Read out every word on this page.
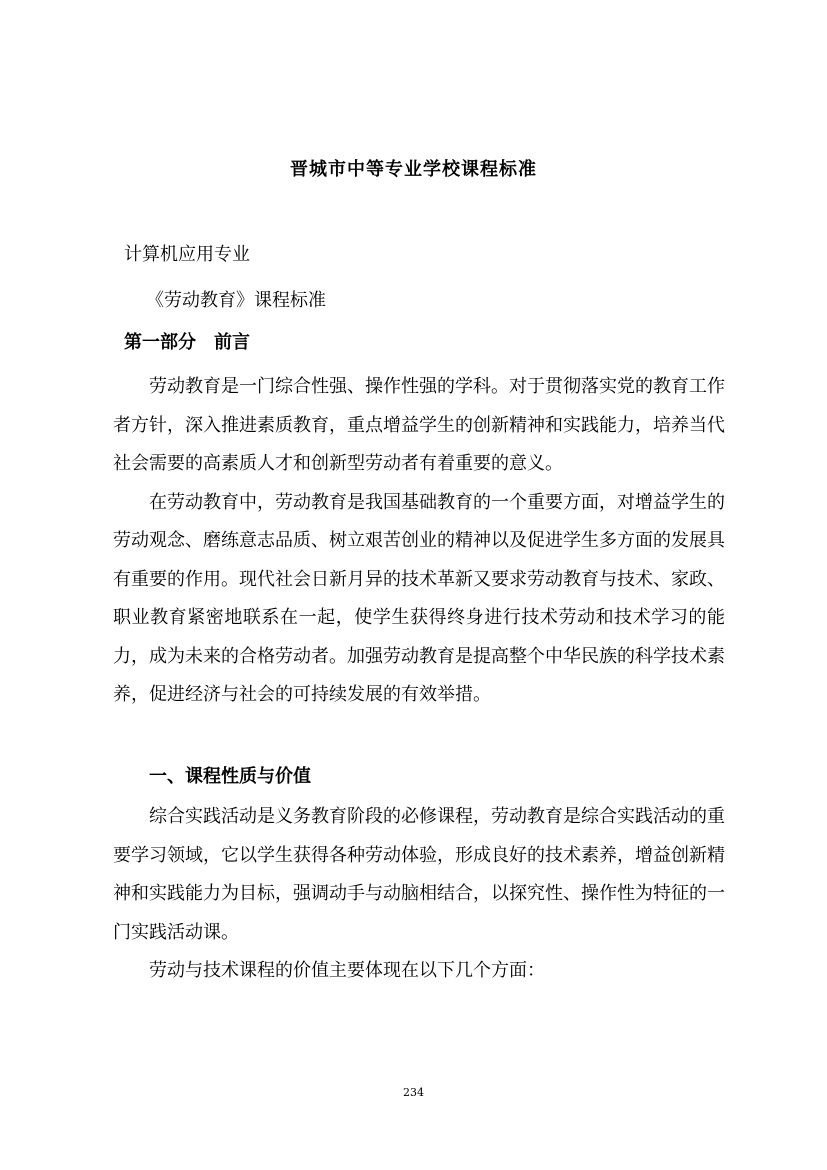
晋城市中等专业学校课程标准
计算机应用专业
《劳动教育》课程标准
第一部分　前言

劳动教育是一门综合性强、操作性强的学科。对于贯彻落实党的教育工作者方针，深入推进素质教育，重点增益学生的创新精神和实践能力，培养当代社会需要的高素质人才和创新型劳动者有着重要的意义。

在劳动教育中，劳动教育是我国基础教育的一个重要方面，对增益学生的劳动观念、磨练意志品质、树立艰苦创业的精神以及促进学生多方面的发展具有重要的作用。现代社会日新月异的技术革新又要求劳动教育与技术、家政、职业教育紧密地联系在一起，使学生获得终身进行技术劳动和技术学习的能力，成为未来的合格劳动者。加强劳动教育是提高整个中华民族的科学技术素养，促进经济与社会的可持续发展的有效举措。

一、课程性质与价值

综合实践活动是义务教育阶段的必修课程，劳动教育是综合实践活动的重要学习领域，它以学生获得各种劳动体验，形成良好的技术素养，增益创新精神和实践能力为目标，强调动手与动脑相结合，以探究性、操作性为特征的一门实践活动课。

劳动与技术课程的价值主要体现在以下几个方面：

234
